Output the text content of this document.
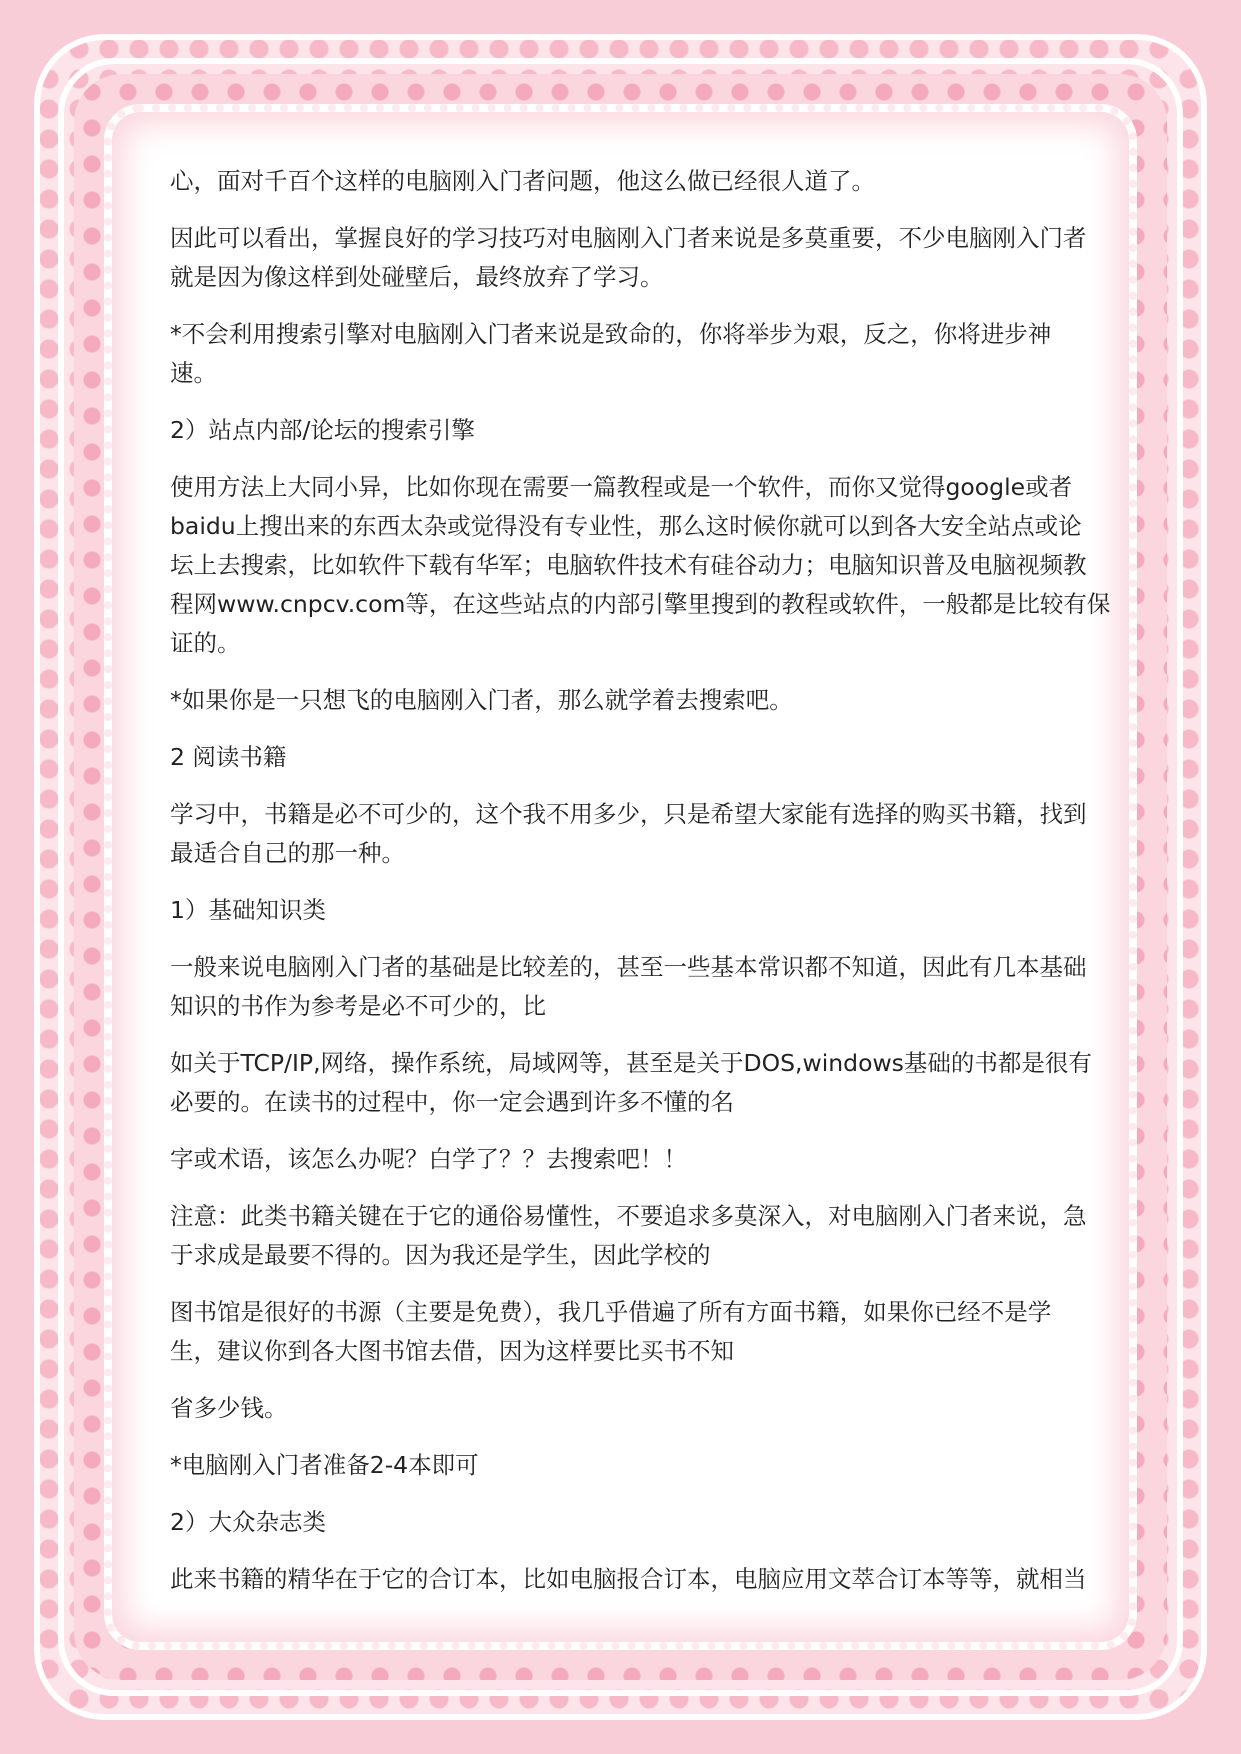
心，面对千百个这样的电脑刚入门者问题，他这么做已经很人道了。
因此可以看出，掌握良好的学习技巧对电脑刚入门者来说是多莫重要，不少电脑刚入门者
就是因为像这样到处碰壁后，最终放弃了学习。
*不会利用搜索引擎对电脑刚入门者来说是致命的，你将举步为艰，反之，你将进步神
速。
2）站点内部/论坛的搜索引擎
使用方法上大同小异，比如你现在需要一篇教程或是一个软件，而你又觉得google或者
baidu上搜出来的东西太杂或觉得没有专业性，那么这时候你就可以到各大安全站点或论
坛上去搜索，比如软件下载有华军；电脑软件技术有硅谷动力；电脑知识普及电脑视频教
程网www.cnpcv.com等，在这些站点的内部引擎里搜到的教程或软件，一般都是比较有保
证的。
*如果你是一只想飞的电脑刚入门者，那么就学着去搜索吧。
2 阅读书籍
学习中，书籍是必不可少的，这个我不用多少，只是希望大家能有选择的购买书籍，找到
最适合自己的那一种。
1）基础知识类
一般来说电脑刚入门者的基础是比较差的，甚至一些基本常识都不知道，因此有几本基础
知识的书作为参考是必不可少的，比
如关于TCP/IP,网络，操作系统，局域网等，甚至是关于DOS,windows基础的书都是很有
必要的。在读书的过程中，你一定会遇到许多不懂的名
字或术语，该怎么办呢？白学了？？去搜索吧！！
注意：此类书籍关键在于它的通俗易懂性，不要追求多莫深入，对电脑刚入门者来说，急
于求成是最要不得的。因为我还是学生，因此学校的
图书馆是很好的书源（主要是免费），我几乎借遍了所有方面书籍，如果你已经不是学
生，建议你到各大图书馆去借，因为这样要比买书不知
省多少钱。
*电脑刚入门者准备2-4本即可
2）大众杂志类
此来书籍的精华在于它的合订本，比如电脑报合订本，电脑应用文萃合订本等等，就相当
